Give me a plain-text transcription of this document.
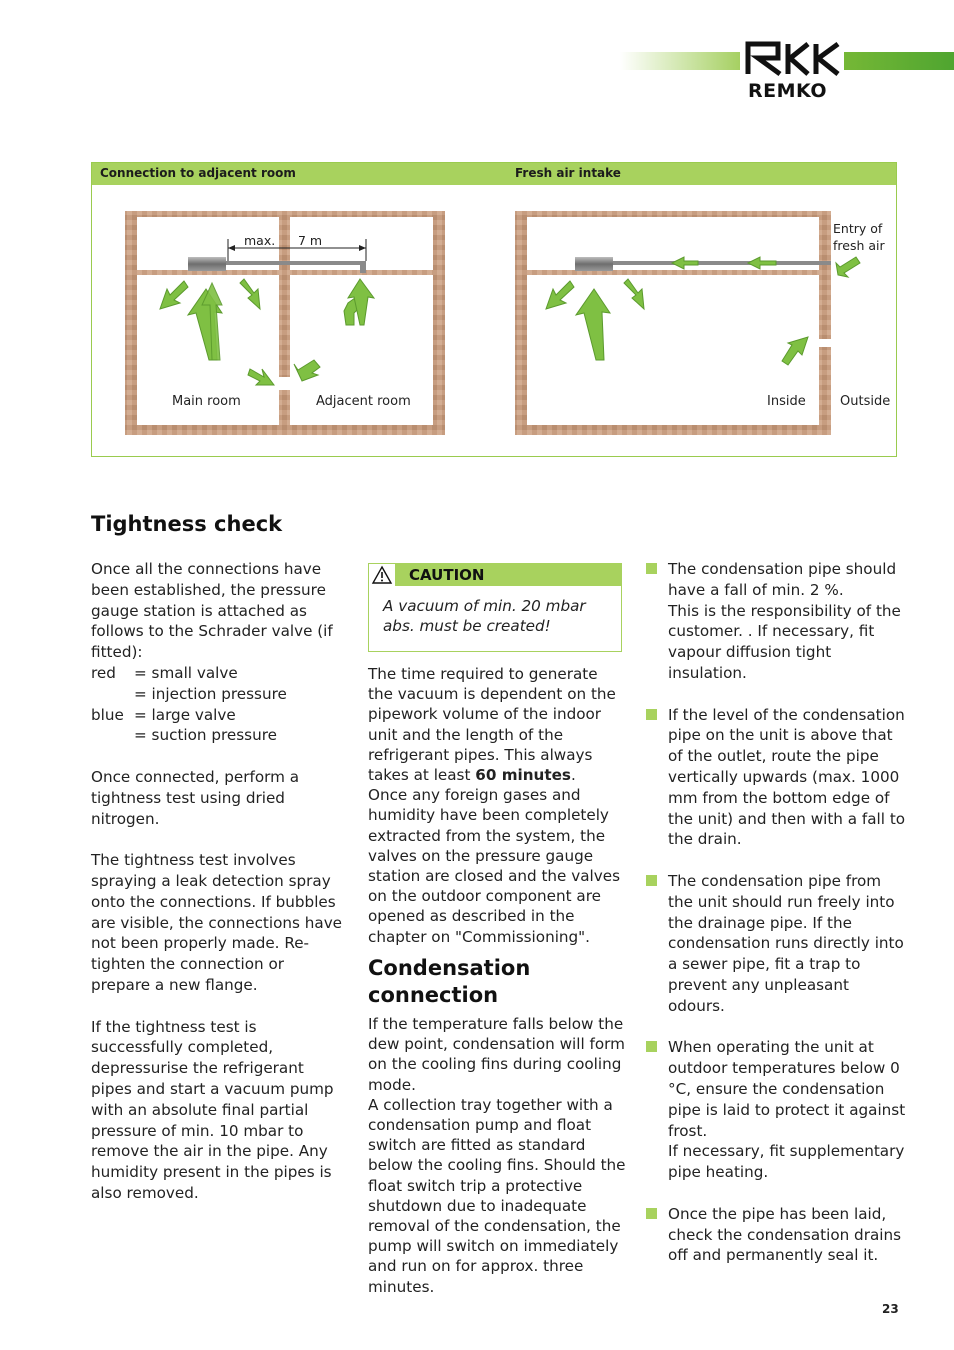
REMKO
Connection to adjacent room	Fresh air intake
max. 7 m
Main room	Adjacent room
Entry of
fresh air
Inside	Outside
Tightness check

Once all the connections have been established, the pressure gauge station is attached as follows to the Schrader valve (if fitted):

red	= small valve
= injection pressure
blue = large valve
= suction pressure

Once connected, perform a tightness test using dried nitrogen.

The tightness test involves spraying a leak detection spray onto the connections. If bubbles are visible, the connections have not been properly made. Re-tighten the connection or prepare a new flange.

If the tightness test is successfully completed, depressurise the refrigerant pipes and start a vacuum pump with an absolute final partial pressure of min. 10 mbar to remove the air in the pipe. Any humidity present in the pipes is also removed.

CAUTION
A vacuum of min. 20 mbar abs. must be created!

The time required to generate the vacuum is dependent on the pipework volume of the indoor unit and the length of the refrigerant pipes. This always takes at least 60 minutes.

Once any foreign gases and humidity have been completely extracted from the system, the valves on the pressure gauge station are closed and the valves on the outdoor component are opened as described in the chapter on "Commissioning".

Condensation
connection

If the temperature falls below the dew point, condensation will form on the cooling fins during cooling mode.

A collection tray together with a condensation pump and float switch are fitted as standard below the cooling fins. Should the float switch trip a protective shutdown due to inadequate removal of the condensation, the pump will switch on immediately and run on for approx. three minutes.

The condensation pipe should have a fall of min. 2 %.
This is the responsibility of the customer. . If necessary, fit vapour diffusion tight insulation.
If the level of the condensation pipe on the unit is above that of the outlet, route the pipe vertically upwards (max. 1000 mm from the bottom edge of the unit) and then with a fall to the drain.
The condensation pipe from the unit should run freely into the drainage pipe. If the condensation runs directly into a sewer pipe, fit a trap to prevent any unpleasant odours.
When operating the unit at outdoor temperatures below 0 °C, ensure the condensation pipe is laid to protect it against frost.
If necessary, fit supplementary pipe heating.
Once the pipe has been laid, check the condensation drains off and permanently seal it.
23
